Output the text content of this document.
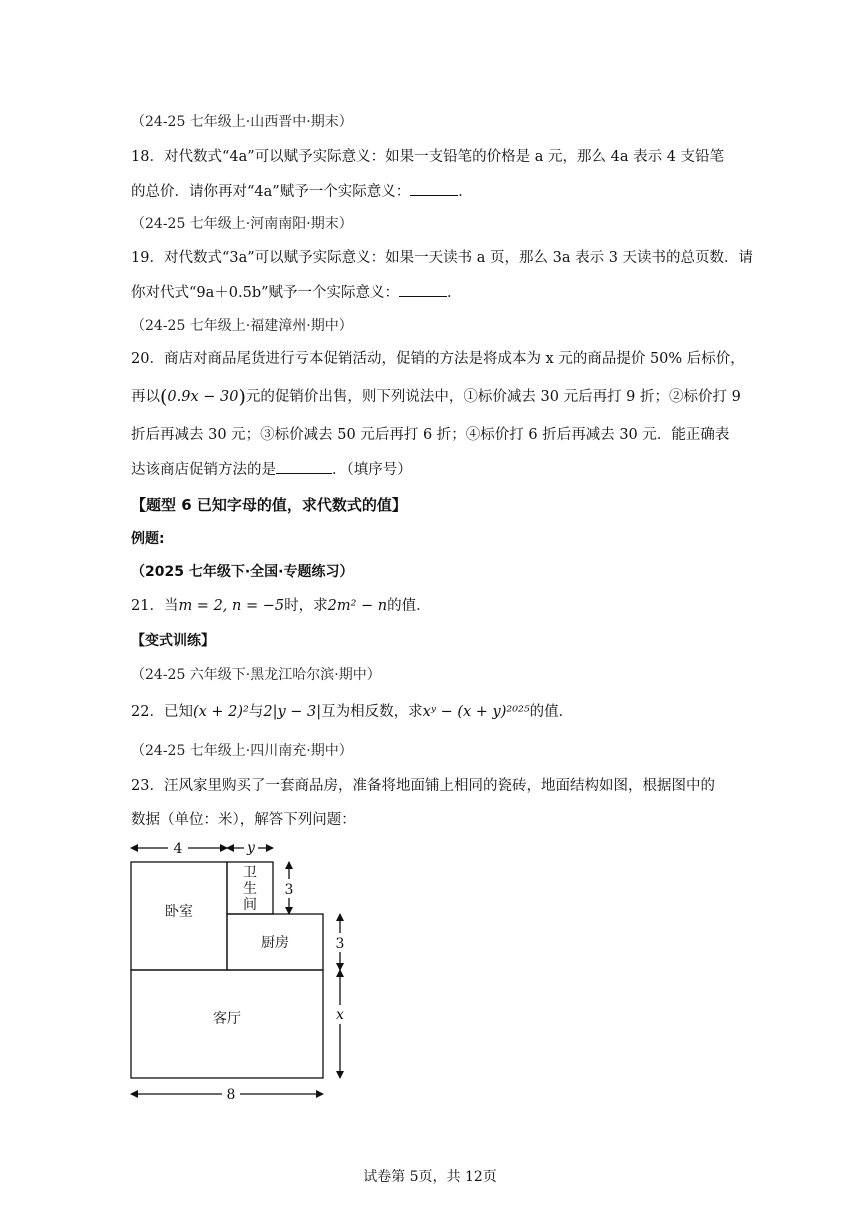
（24-25 七年级上·山西晋中·期末）
18．对代数式“4a”可以赋予实际意义：如果一支铅笔的价格是 a 元，那么 4a 表示 4 支铅笔
的总价．请你再对“4a”赋予一个实际意义：	．
（24-25 七年级上·河南南阳·期末）
19．对代数式“3a”可以赋予实际意义：如果一天读书 a 页，那么 3a 表示 3 天读书的总页数．请
你对代式“9a＋0.5b”赋予一个实际意义：	．
（24-25 七年级上·福建漳州·期中）
20．商店对商品尾货进行亏本促销活动，促销的方法是将成本为 x 元的商品提价 50% 后标价，
再以(0.9x − 30)元的促销价出售，则下列说法中，①标价减去 30 元后再打 9 折；②标价打 9
折后再减去 30 元；③标价减去 50 元后再打 6 折；④标价打 6 折后再减去 30 元．能正确表
达该商店促销方法的是	．（填序号）
【题型 6 已知字母的值，求代数式的值】
例题:
（2025 七年级下·全国·专题练习）
21．当m = 2, n = −5时，求2m² − n的值．
【变式训练】
（24-25 六年级下·黑龙江哈尔滨·期中）
22．已知(x + 2)²与2|y − 3|互为相反数，求xʸ − (x + y)²⁰²⁵的值．
（24-25 七年级上·四川南充·期中）
23．汪风家里购买了一套商品房，准备将地面铺上相同的瓷砖，地面结构如图，根据图中的
数据（单位：米），解答下列问题：
4	y
3
3
x
8
卧室
卫
生
间
厨房
客厅
试卷第 5页，共 12页
